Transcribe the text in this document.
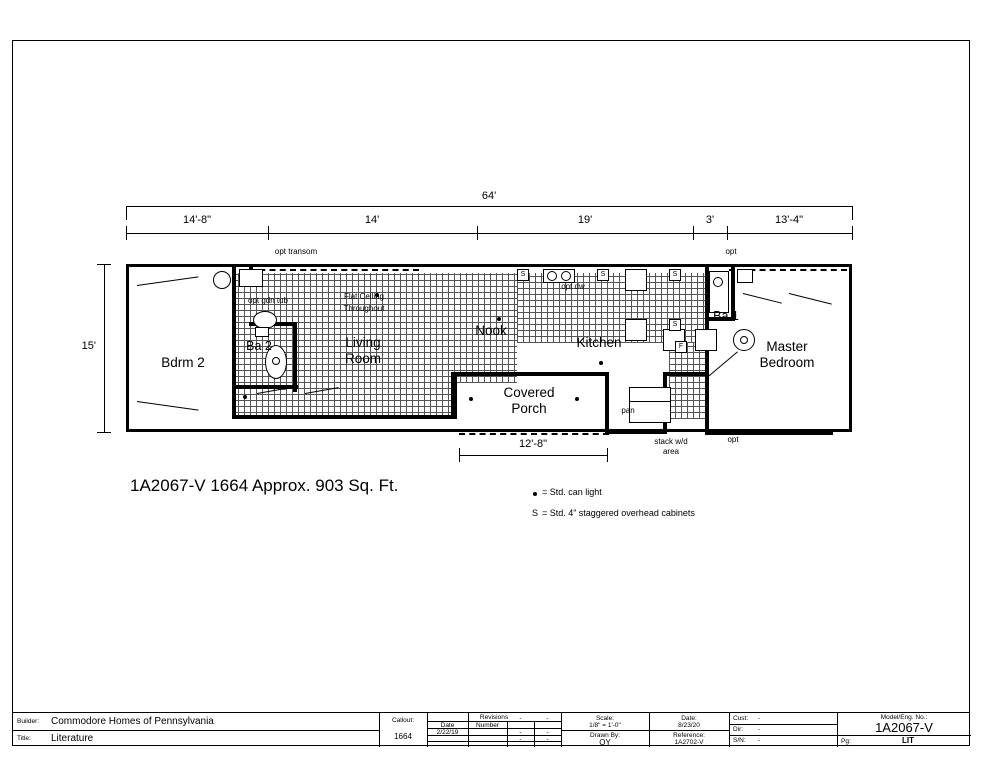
64'
14'-8"	14'	19'	3'	13'-4"
15'
S	S	S
S
F
Bdrm 2
Ba 2	Living
Room
Nook
Kitchen
Ba 1
Master
Bedroom
Covered
Porch
Flat Ceiling
Throughout
opt gdn tub
PNL
pan
opt dw
opt transom	opt
stack w/d
area
opt
12'-8"
1A2067-V 1664 Approx. 903 Sq. Ft.	= Std. can light
S = Std. 4” staggered overhead cabinets
Builder: Commodore Homes of Pennsylvania
Title: Literature
Callout:
1664
Revisions
Date	Number
2/22/19
-	-
-	-
-	-
-	-
Scale:
1/8" = 1'-0"
Date:
8/23/20
Drawn By:
OY
Reference:
1A2702-V
Cust: -
Dir: -
S/N: -
Model/Eng. No.:
1A2067-V
Pg:	LIT
